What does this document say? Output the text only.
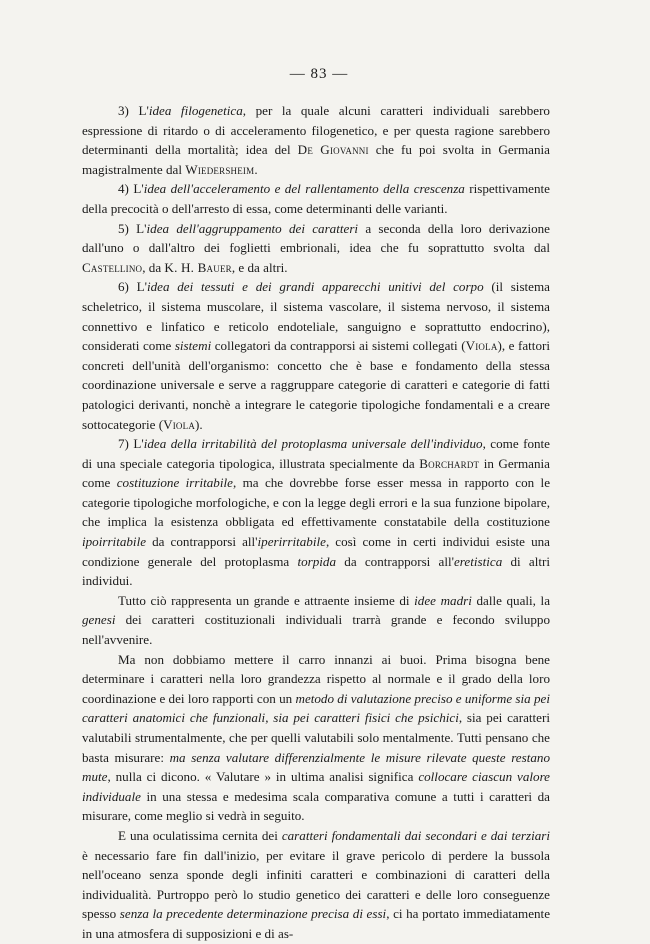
— 83 —

3) L'idea filogenetica, per la quale alcuni caratteri individuali sarebbero espressione di ritardo o di acceleramento filogenetico, e per questa ragione sarebbero determinanti della mortalità; idea del De Giovanni che fu poi svolta in Germania magistralmente dal Wiedersheim.

4) L'idea dell'acceleramento e del rallentamento della crescenza rispettivamente della precocità o dell'arresto di essa, come determinanti delle varianti.

5) L'idea dell'aggruppamento dei caratteri a seconda della loro derivazione dall'uno o dall'altro dei foglietti embrionali, idea che fu soprattutto svolta dal Castellino, da K. H. Bauer, e da altri.

6) L'idea dei tessuti e dei grandi apparecchi unitivi del corpo (il sistema scheletrico, il sistema muscolare, il sistema vascolare, il sistema nervoso, il sistema connettivo e linfatico e reticolo endoteliale, sanguigno e soprattutto endocrino), considerati come sistemi collegatori da contrapporsi ai sistemi collegati (Viola), e fattori concreti dell'unità dell'organismo: concetto che è base e fondamento della stessa coordinazione universale e serve a raggruppare categorie di caratteri e categorie di fatti patologici derivanti, nonchè a integrare le categorie tipologiche fondamentali e a creare sottocategorie (Viola).

7) L'idea della irritabilità del protoplasma universale dell'individuo, come fonte di una speciale categoria tipologica, illustrata specialmente da Borchardt in Germania come costituzione irritabile, ma che dovrebbe forse esser messa in rapporto con le categorie tipologiche morfologiche, e con la legge degli errori e la sua funzione bipolare, che implica la esistenza obbligata ed effettivamente constatabile della costituzione ipoirritabile da contrapporsi all'iperirritabile, così come in certi individui esiste una condizione generale del protoplasma torpida da contrapporsi all'eretistica di altri individui.

Tutto ciò rappresenta un grande e attraente insieme di idee madri dalle quali, la genesi dei caratteri costituzionali individuali trarrà grande e fecondo sviluppo nell'avvenire.

Ma non dobbiamo mettere il carro innanzi ai buoi. Prima bisogna bene determinare i caratteri nella loro grandezza rispetto al normale e il grado della loro coordinazione e dei loro rapporti con un metodo di valutazione preciso e uniforme sia pei caratteri anatomici che funzionali, sia pei caratteri fisici che psichici, sia pei caratteri valutabili strumentalmente, che per quelli valutabili solo mentalmente. Tutti pensano che basta misurare: ma senza valutare differenzialmente le misure rilevate queste restano mute, nulla ci dicono. « Valutare » in ultima analisi significa collocare ciascun valore individuale in una stessa e medesima scala comparativa comune a tutti i caratteri da misurare, come meglio si vedrà in seguito.

E una oculatissima cernita dei caratteri fondamentali dai secondari e dai terziari è necessario fare fin dall'inizio, per evitare il grave pericolo di perdere la bussola nell'oceano senza sponde degli infiniti caratteri e combinazioni di caratteri della individualità. Purtroppo però lo studio genetico dei caratteri e delle loro conseguenze spesso senza la precedente determinazione precisa di essi, ci ha portato immediatamente in una atmosfera di supposizioni e di as-
